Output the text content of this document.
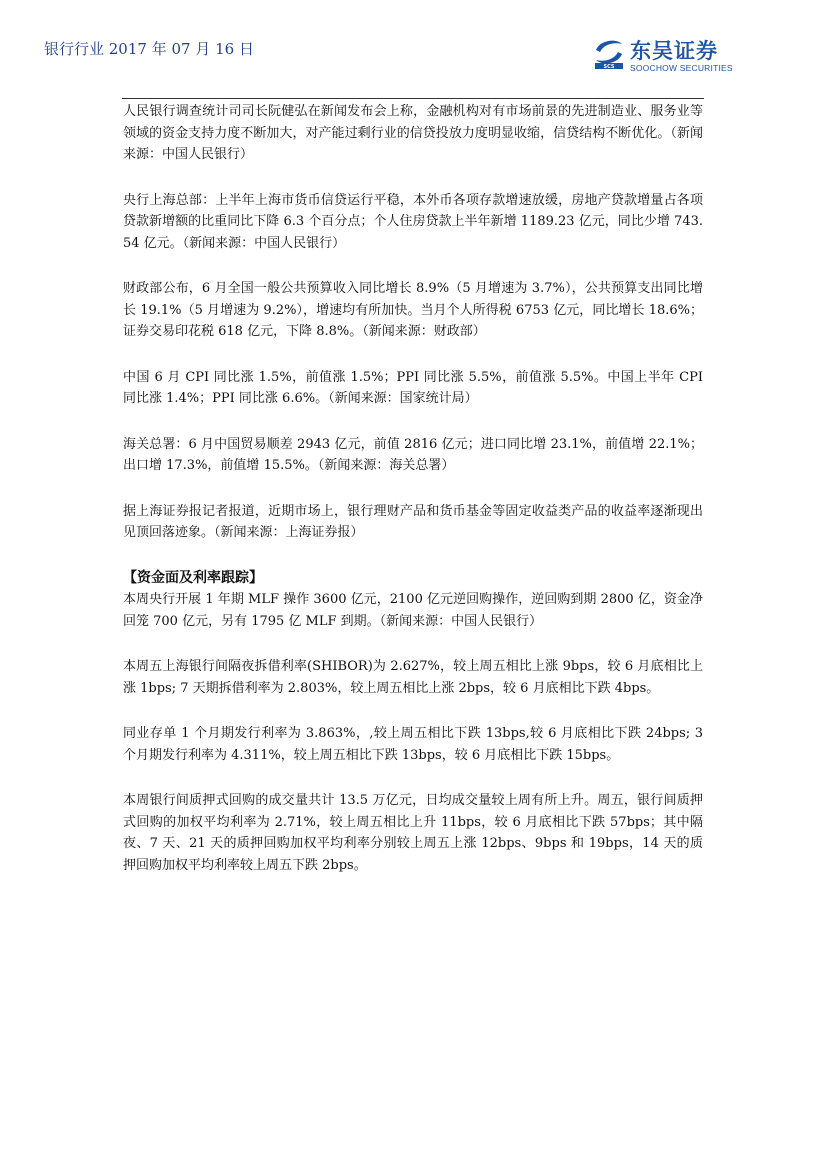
银行行业 2017 年 07 月 16 日
SCS
东吴证券
SOOCHOW SECURITIES

人民银行调查统计司司长阮健弘在新闻发布会上称，金融机构对有市场前景的先进制造业、服务业等领域的资金支持力度不断加大，对产能过剩行业的信贷投放力度明显收缩，信贷结构不断优化。（新闻来源：中国人民银行）

央行上海总部：上半年上海市货币信贷运行平稳，本外币各项存款增速放缓，房地产贷款增量占各项贷款新增额的比重同比下降 6.3 个百分点；个人住房贷款上半年新增 1189.23 亿元，同比少增 743.54 亿元。（新闻来源：中国人民银行）

财政部公布，6 月全国一般公共预算收入同比增长 8.9%（5 月增速为 3.7%），公共预算支出同比增长 19.1%（5 月增速为 9.2%），增速均有所加快。当月个人所得税 6753 亿元，同比增长 18.6%；证券交易印花税 618 亿元，下降 8.8%。（新闻来源：财政部）

中国 6 月 CPI 同比涨 1.5%，前值涨 1.5%；PPI 同比涨 5.5%，前值涨 5.5%。中国上半年 CPI 同比涨 1.4%；PPI 同比涨 6.6%。（新闻来源：国家统计局）

海关总署：6 月中国贸易顺差 2943 亿元，前值 2816 亿元；进口同比增 23.1%，前值增 22.1%；出口增 17.3%，前值增 15.5%。（新闻来源：海关总署）

据上海证券报记者报道，近期市场上，银行理财产品和货币基金等固定收益类产品的收益率逐渐现出见顶回落迹象。（新闻来源：上海证券报）

【资金面及利率跟踪】

本周央行开展 1 年期 MLF 操作 3600 亿元，2100 亿元逆回购操作，逆回购到期 2800 亿，资金净回笼 700 亿元，另有 1795 亿 MLF 到期。（新闻来源：中国人民银行）

本周五上海银行间隔夜拆借利率(SHIBOR)为 2.627%，较上周五相比上涨 9bps，较 6 月底相比上涨 1bps; 7 天期拆借利率为 2.803%，较上周五相比上涨 2bps，较 6 月底相比下跌 4bps。

同业存单 1 个月期发行利率为 3.863%，,较上周五相比下跌 13bps,较 6 月底相比下跌 24bps; 3 个月期发行利率为 4.311%，较上周五相比下跌 13bps，较 6 月底相比下跌 15bps。

本周银行间质押式回购的成交量共计 13.5 万亿元，日均成交量较上周有所上升。周五，银行间质押式回购的加权平均利率为 2.71%，较上周五相比上升 11bps，较 6 月底相比下跌 57bps；其中隔夜、7 天、21 天的质押回购加权平均利率分别较上周五上涨 12bps、9bps 和 19bps，14 天的质押回购加权平均利率较上周五下跌 2bps。
